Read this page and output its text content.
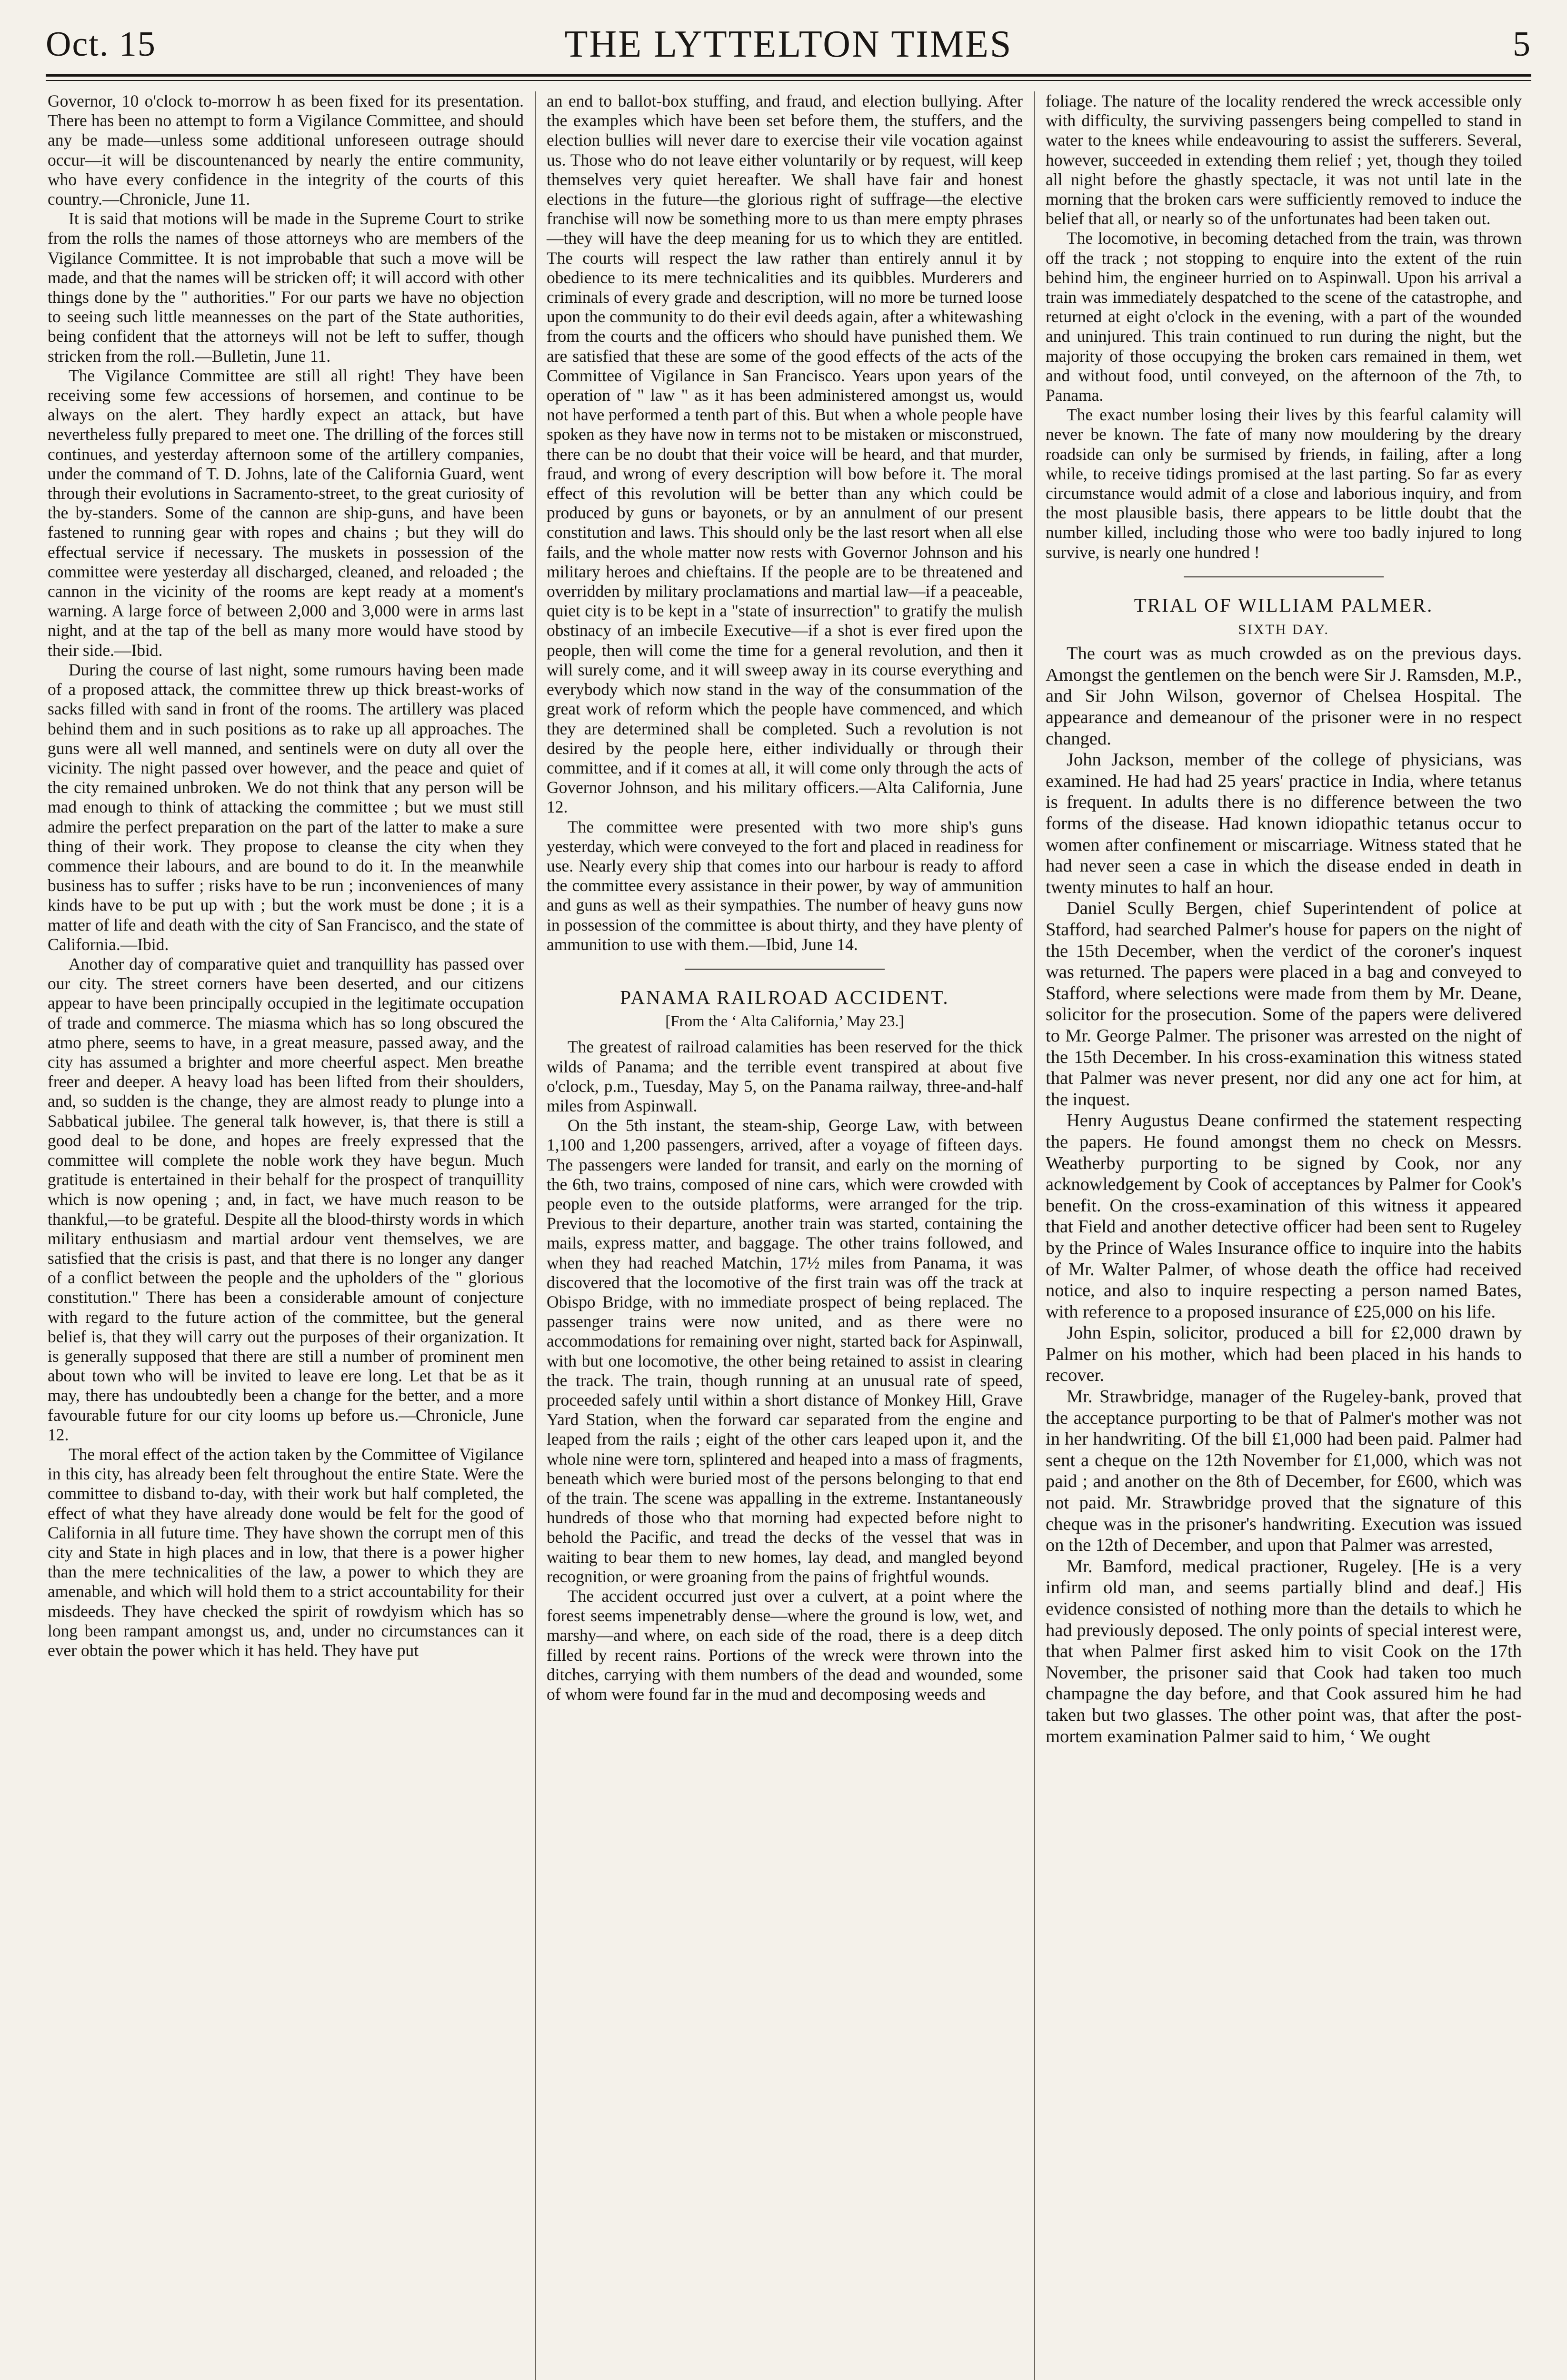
THE LYTTELTON TIMES
Oct. 15	5

Governor, 10 o'clock to-morrow h as been fixed for its presentation. There has been no attempt to form a Vigilance Committee, and should any be made—unless some additional unforeseen outrage should occur—it will be discountenanced by nearly the entire community, who have every confidence in the integrity of the courts of this country.—Chronicle, June 11.

It is said that motions will be made in the Supreme Court to strike from the rolls the names of those attorneys who are members of the Vigilance Committee. It is not improbable that such a move will be made, and that the names will be stricken off; it will accord with other things done by the " authorities." For our parts we have no objection to seeing such little meannesses on the part of the State authorities, being confident that the attorneys will not be left to suffer, though stricken from the roll.—Bulletin, June 11.

The Vigilance Committee are still all right! They have been receiving some few accessions of horsemen, and continue to be always on the alert. They hardly expect an attack, but have nevertheless fully prepared to meet one. The drilling of the forces still continues, and yesterday afternoon some of the artillery companies, under the command of T. D. Johns, late of the California Guard, went through their evolutions in Sacramento-street, to the great curiosity of the by-standers. Some of the cannon are ship-guns, and have been fastened to running gear with ropes and chains ; but they will do effectual service if necessary. The muskets in possession of the committee were yesterday all discharged, cleaned, and reloaded ; the cannon in the vicinity of the rooms are kept ready at a moment's warning. A large force of between 2,000 and 3,000 were in arms last night, and at the tap of the bell as many more would have stood by their side.—Ibid.

During the course of last night, some rumours having been made of a proposed attack, the committee threw up thick breast-works of sacks filled with sand in front of the rooms. The artillery was placed behind them and in such positions as to rake up all approaches. The guns were all well manned, and sentinels were on duty all over the vicinity. The night passed over however, and the peace and quiet of the city remained unbroken. We do not think that any person will be mad enough to think of attacking the committee ; but we must still admire the perfect preparation on the part of the latter to make a sure thing of their work. They propose to cleanse the city when they commence their labours, and are bound to do it. In the meanwhile business has to suffer ; risks have to be run ; inconveniences of many kinds have to be put up with ; but the work must be done ; it is a matter of life and death with the city of San Francisco, and the state of California.—Ibid.

Another day of comparative quiet and tranquillity has passed over our city. The street corners have been deserted, and our citizens appear to have been principally occupied in the legitimate occupation of trade and commerce. The miasma which has so long obscured the atmo phere, seems to have, in a great measure, passed away, and the city has assumed a brighter and more cheerful aspect. Men breathe freer and deeper. A heavy load has been lifted from their shoulders, and, so sudden is the change, they are almost ready to plunge into a Sabbatical jubilee. The general talk however, is, that there is still a good deal to be done, and hopes are freely expressed that the committee will complete the noble work they have begun. Much gratitude is entertained in their behalf for the prospect of tranquillity which is now opening ; and, in fact, we have much reason to be thankful,—to be grateful. Despite all the blood-thirsty words in which military enthusiasm and martial ardour vent themselves, we are satisfied that the crisis is past, and that there is no longer any danger of a conflict between the people and the upholders of the " glorious constitution." There has been a considerable amount of conjecture with regard to the future action of the committee, but the general belief is, that they will carry out the purposes of their organization. It is generally supposed that there are still a number of prominent men about town who will be invited to leave ere long. Let that be as it may, there has undoubtedly been a change for the better, and a more favourable future for our city looms up before us.—Chronicle, June 12.

The moral effect of the action taken by the Committee of Vigilance in this city, has already been felt throughout the entire State. Were the committee to disband to-day, with their work but half completed, the effect of what they have already done would be felt for the good of California in all future time. They have shown the corrupt men of this city and State in high places and in low, that there is a power higher than the mere technicalities of the law, a power to which they are amenable, and which will hold them to a strict accountability for their misdeeds. They have checked the spirit of rowdyism which has so long been rampant amongst us, and, under no circumstances can it ever obtain the power which it has held. They have put

an end to ballot-box stuffing, and fraud, and election bullying. After the examples which have been set before them, the stuffers, and the election bullies will never dare to exercise their vile vocation against us. Those who do not leave either voluntarily or by request, will keep themselves very quiet hereafter. We shall have fair and honest elections in the future—the glorious right of suffrage—the elective franchise will now be something more to us than mere empty phrases—they will have the deep meaning for us to which they are entitled. The courts will respect the law rather than entirely annul it by obedience to its mere technicalities and its quibbles. Murderers and criminals of every grade and description, will no more be turned loose upon the community to do their evil deeds again, after a whitewashing from the courts and the officers who should have punished them. We are satisfied that these are some of the good effects of the acts of the Committee of Vigilance in San Francisco. Years upon years of the operation of " law " as it has been administered amongst us, would not have performed a tenth part of this. But when a whole people have spoken as they have now in terms not to be mistaken or misconstrued, there can be no doubt that their voice will be heard, and that murder, fraud, and wrong of every description will bow before it. The moral effect of this revolution will be better than any which could be produced by guns or bayonets, or by an annulment of our present constitution and laws. This should only be the last resort when all else fails, and the whole matter now rests with Governor Johnson and his military heroes and chieftains. If the people are to be threatened and overridden by military proclamations and martial law—if a peaceable, quiet city is to be kept in a "state of insurrection" to gratify the mulish obstinacy of an imbecile Executive—if a shot is ever fired upon the people, then will come the time for a general revolution, and then it will surely come, and it will sweep away in its course everything and everybody which now stand in the way of the consummation of the great work of reform which the people have commenced, and which they are determined shall be completed. Such a revolution is not desired by the people here, either individually or through their committee, and if it comes at all, it will come only through the acts of Governor Johnson, and his military officers.—Alta California, June 12.

The committee were presented with two more ship's guns yesterday, which were conveyed to the fort and placed in readiness for use. Nearly every ship that comes into our harbour is ready to afford the committee every assistance in their power, by way of ammunition and guns as well as their sympathies. The number of heavy guns now in possession of the committee is about thirty, and they have plenty of ammunition to use with them.—Ibid, June 14.

PANAMA RAILROAD ACCIDENT.
[From the ‘ Alta California,’ May 23.]

The greatest of railroad calamities has been reserved for the thick wilds of Panama; and the terrible event transpired at about five o'clock, p.m., Tuesday, May 5, on the Panama railway, three-and-half miles from Aspinwall.

On the 5th instant, the steam-ship, George Law, with between 1,100 and 1,200 passengers, arrived, after a voyage of fifteen days. The passengers were landed for transit, and early on the morning of the 6th, two trains, composed of nine cars, which were crowded with people even to the outside platforms, were arranged for the trip. Previous to their departure, another train was started, containing the mails, express matter, and baggage. The other trains followed, and when they had reached Matchin, 17½ miles from Panama, it was discovered that the locomotive of the first train was off the track at Obispo Bridge, with no immediate prospect of being replaced. The passenger trains were now united, and as there were no accommodations for remaining over night, started back for Aspinwall, with but one locomotive, the other being retained to assist in clearing the track. The train, though running at an unusual rate of speed, proceeded safely until within a short distance of Monkey Hill, Grave Yard Station, when the forward car separated from the engine and leaped from the rails ; eight of the other cars leaped upon it, and the whole nine were torn, splintered and heaped into a mass of fragments, beneath which were buried most of the persons belonging to that end of the train. The scene was appalling in the extreme. Instantaneously hundreds of those who that morning had expected before night to behold the Pacific, and tread the decks of the vessel that was in waiting to bear them to new homes, lay dead, and mangled beyond recognition, or were groaning from the pains of frightful wounds.

The accident occurred just over a culvert, at a point where the forest seems impenetrably dense—where the ground is low, wet, and marshy—and where, on each side of the road, there is a deep ditch filled by recent rains. Portions of the wreck were thrown into the ditches, carrying with them numbers of the dead and wounded, some of whom were found far in the mud and decomposing weeds and

foliage. The nature of the locality rendered the wreck accessible only with difficulty, the surviving passengers being compelled to stand in water to the knees while endeavouring to assist the sufferers. Several, however, succeeded in extending them relief ; yet, though they toiled all night before the ghastly spectacle, it was not until late in the morning that the broken cars were sufficiently removed to induce the belief that all, or nearly so of the unfortunates had been taken out.

The locomotive, in becoming detached from the train, was thrown off the track ; not stopping to enquire into the extent of the ruin behind him, the engineer hurried on to Aspinwall. Upon his arrival a train was immediately despatched to the scene of the catastrophe, and returned at eight o'clock in the evening, with a part of the wounded and uninjured. This train continued to run during the night, but the majority of those occupying the broken cars remained in them, wet and without food, until conveyed, on the afternoon of the 7th, to Panama.

The exact number losing their lives by this fearful calamity will never be known. The fate of many now mouldering by the dreary roadside can only be surmised by friends, in failing, after a long while, to receive tidings promised at the last parting. So far as every circumstance would admit of a close and laborious inquiry, and from the most plausible basis, there appears to be little doubt that the number killed, including those who were too badly injured to long survive, is nearly one hundred !

TRIAL OF WILLIAM PALMER.
SIXTH DAY.

The court was as much crowded as on the previous days. Amongst the gentlemen on the bench were Sir J. Ramsden, M.P., and Sir John Wilson, governor of Chelsea Hospital. The appearance and demeanour of the prisoner were in no respect changed.

John Jackson, member of the college of physicians, was examined. He had had 25 years' practice in India, where tetanus is frequent. In adults there is no difference between the two forms of the disease. Had known idiopathic tetanus occur to women after confinement or miscarriage. Witness stated that he had never seen a case in which the disease ended in death in twenty minutes to half an hour.

Daniel Scully Bergen, chief Superintendent of police at Stafford, had searched Palmer's house for papers on the night of the 15th December, when the verdict of the coroner's inquest was returned. The papers were placed in a bag and conveyed to Stafford, where selections were made from them by Mr. Deane, solicitor for the prosecution. Some of the papers were delivered to Mr. George Palmer. The prisoner was arrested on the night of the 15th December. In his cross-examination this witness stated that Palmer was never present, nor did any one act for him, at the inquest.

Henry Augustus Deane confirmed the statement respecting the papers. He found amongst them no check on Messrs. Weatherby purporting to be signed by Cook, nor any acknowledgement by Cook of acceptances by Palmer for Cook's benefit. On the cross-examination of this witness it appeared that Field and another detective officer had been sent to Rugeley by the Prince of Wales Insurance office to inquire into the habits of Mr. Walter Palmer, of whose death the office had received notice, and also to inquire respecting a person named Bates, with reference to a proposed insurance of £25,000 on his life.

John Espin, solicitor, produced a bill for £2,000 drawn by Palmer on his mother, which had been placed in his hands to recover.

Mr. Strawbridge, manager of the Rugeley-bank, proved that the acceptance purporting to be that of Palmer's mother was not in her handwriting. Of the bill £1,000 had been paid. Palmer had sent a cheque on the 12th November for £1,000, which was not paid ; and another on the 8th of December, for £600, which was not paid. Mr. Strawbridge proved that the signature of this cheque was in the prisoner's handwriting. Execution was issued on the 12th of December, and upon that Palmer was arrested,

Mr. Bamford, medical practioner, Rugeley. [He is a very infirm old man, and seems partially blind and deaf.] His evidence consisted of nothing more than the details to which he had previously deposed. The only points of special interest were, that when Palmer first asked him to visit Cook on the 17th November, the prisoner said that Cook had taken too much champagne the day before, and that Cook assured him he had taken but two glasses. The other point was, that after the post-mortem examination Palmer said to him, ‘ We ought
